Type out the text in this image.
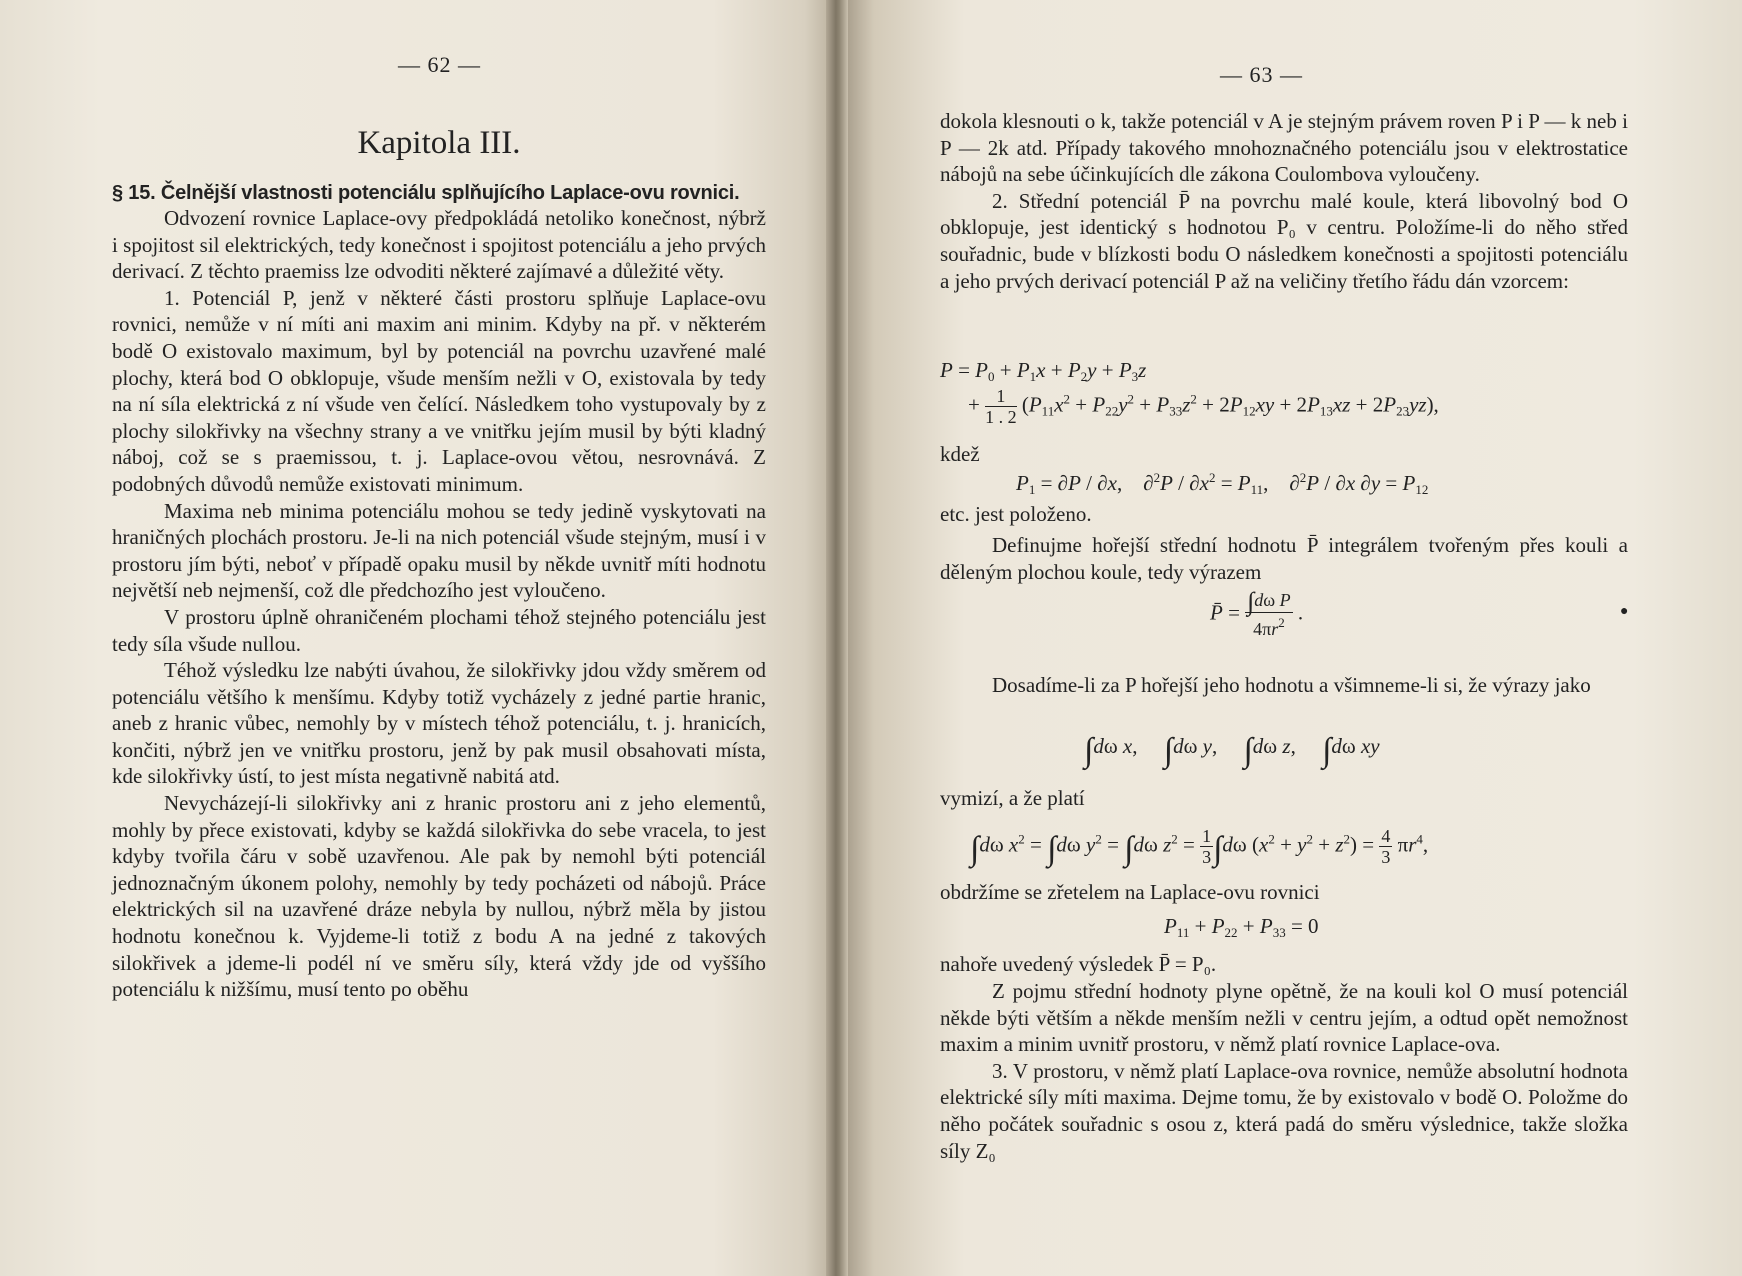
— 62 —
Kapitola III.
§ 15. Čelnější vlastnosti potenciálu splňujícího Laplace-ovu rovnici.

Odvození rovnice Laplace-ovy předpokládá netoliko konečnost, nýbrž i spojitost sil elektrických, tedy konečnost i spojitost potenciálu a jeho prvých derivací. Z těchto praemiss lze odvoditi některé zajímavé a důležité věty.

1. Potenciál P, jenž v některé části prostoru splňuje Laplace-ovu rovnici, nemůže v ní míti ani maxim ani minim. Kdyby na př. v některém bodě O existovalo maximum, byl by potenciál na povrchu uzavřené malé plochy, která bod O obklopuje, všude menším nežli v O, existovala by tedy na ní síla elektrická z ní všude ven čelící. Následkem toho vystupovaly by z plochy silokřivky na všechny strany a ve vnitřku jejím musil by býti kladný náboj, což se s praemissou, t. j. Laplace-ovou větou, nesrovnává. Z podobných důvodů nemůže existovati minimum.

Maxima neb minima potenciálu mohou se tedy jedině vyskytovati na hraničných plochách prostoru. Je-li na nich potenciál všude stejným, musí i v prostoru jím býti, neboť v případě opaku musil by někde uvnitř míti hodnotu největší neb nejmenší, což dle předchozího jest vyloučeno.

V prostoru úplně ohraničeném plochami téhož stejného potenciálu jest tedy síla všude nullou.

Téhož výsledku lze nabýti úvahou, že silokřivky jdou vždy směrem od potenciálu většího k menšímu. Kdyby totiž vycházely z jedné partie hranic, aneb z hranic vůbec, nemohly by v místech téhož potenciálu, t. j. hranicích, končiti, nýbrž jen ve vnitřku prostoru, jenž by pak musil obsahovati místa, kde silokřivky ústí, to jest místa negativně nabitá atd.

Nevycházejí-li silokřivky ani z hranic prostoru ani z jeho elementů, mohly by přece existovati, kdyby se každá silokřivka do sebe vracela, to jest kdyby tvořila čáru v sobě uzavřenou. Ale pak by nemohl býti potenciál jednoznačným úkonem polohy, nemohly by tedy pocházeti od nábojů. Práce elektrických sil na uzavřené dráze nebyla by nullou, nýbrž měla by jistou hodnotu konečnou k. Vyjdeme-li totiž z bodu A na jedné z takových silokřivek a jdeme-li podél ní ve směru síly, která vždy jde od vyššího potenciálu k nižšímu, musí tento po oběhu

— 63 —

dokola klesnouti o k, takže potenciál v A je stejným právem roven P i P — k neb i P — 2k atd. Případy takového mnohoznačného potenciálu jsou v elektrostatice nábojů na sebe účinkujících dle zákona Coulombova vyloučeny.

2. Střední potenciál P̄ na povrchu malé koule, která libovolný bod O obklopuje, jest identický s hodnotou P₀ v centru. Položíme-li do něho střed souřadnic, bude v blízkosti bodu O následkem konečnosti a spojitosti potenciálu a jeho prvých derivací potenciál P až na veličiny třetího řádu dán vzorcem:

$P = P_0 + P_1x + P_2y + P_3z$
+ $\frac{1}{1 . 2} (P_{11}x^2 + P_{22}y^2 + P_{33}z^2 + 2P_{12}xy + 2P_{13}xz + 2P_{23}yz)$,
kdež
$P_1 = \partial P / \partial x$,    $\partial^2P / \partial x^2 = P_{11}$,    ∂$^2$P / ∂x $\partial y = P_{12}$
etc. jest položeno.

Definujme hořejší střední hodnotu P̄ integrálem tvořeným přes kouli a děleným plochou koule, tedy výrazem

P̄ = $\frac{\text{∫dω P}}{4\pi r^2}$ .	●

Dosadíme-li za P hořejší jeho hodnotu a všimneme-li si, že výrazy jako

∫dω x,     ∫dω y,     ∫dω z,     ∫dω xy
vymizí, a že platí
∫dω $x^2 = \int d\omega$ $y^2 = \int d\omega$ $z^2 = \frac{1}{3} \int d\omega$ $(x^2 + y^2 + z^2) = \frac{4}{3} \pi r^4$,
obdržíme se zřetelem na Laplace-ovu rovnici
$P_{11} + P_{22} + P_{33} = 0$
nahoře uvedený výsledek P̄ = P₀.

Z pojmu střední hodnoty plyne opětně, že na kouli kol O musí potenciál někde býti větším a někde menším nežli v centru jejím, a odtud opět nemožnost maxim a minim uvnitř prostoru, v němž platí rovnice Laplace-ova.

3. V prostoru, v němž platí Laplace-ova rovnice, nemůže absolutní hodnota elektrické síly míti maxima. Dejme tomu, že by existovalo v bodě O. Položme do něho počátek souřadnic s osou z, která padá do směru výslednice, takže složka síly Z₀
